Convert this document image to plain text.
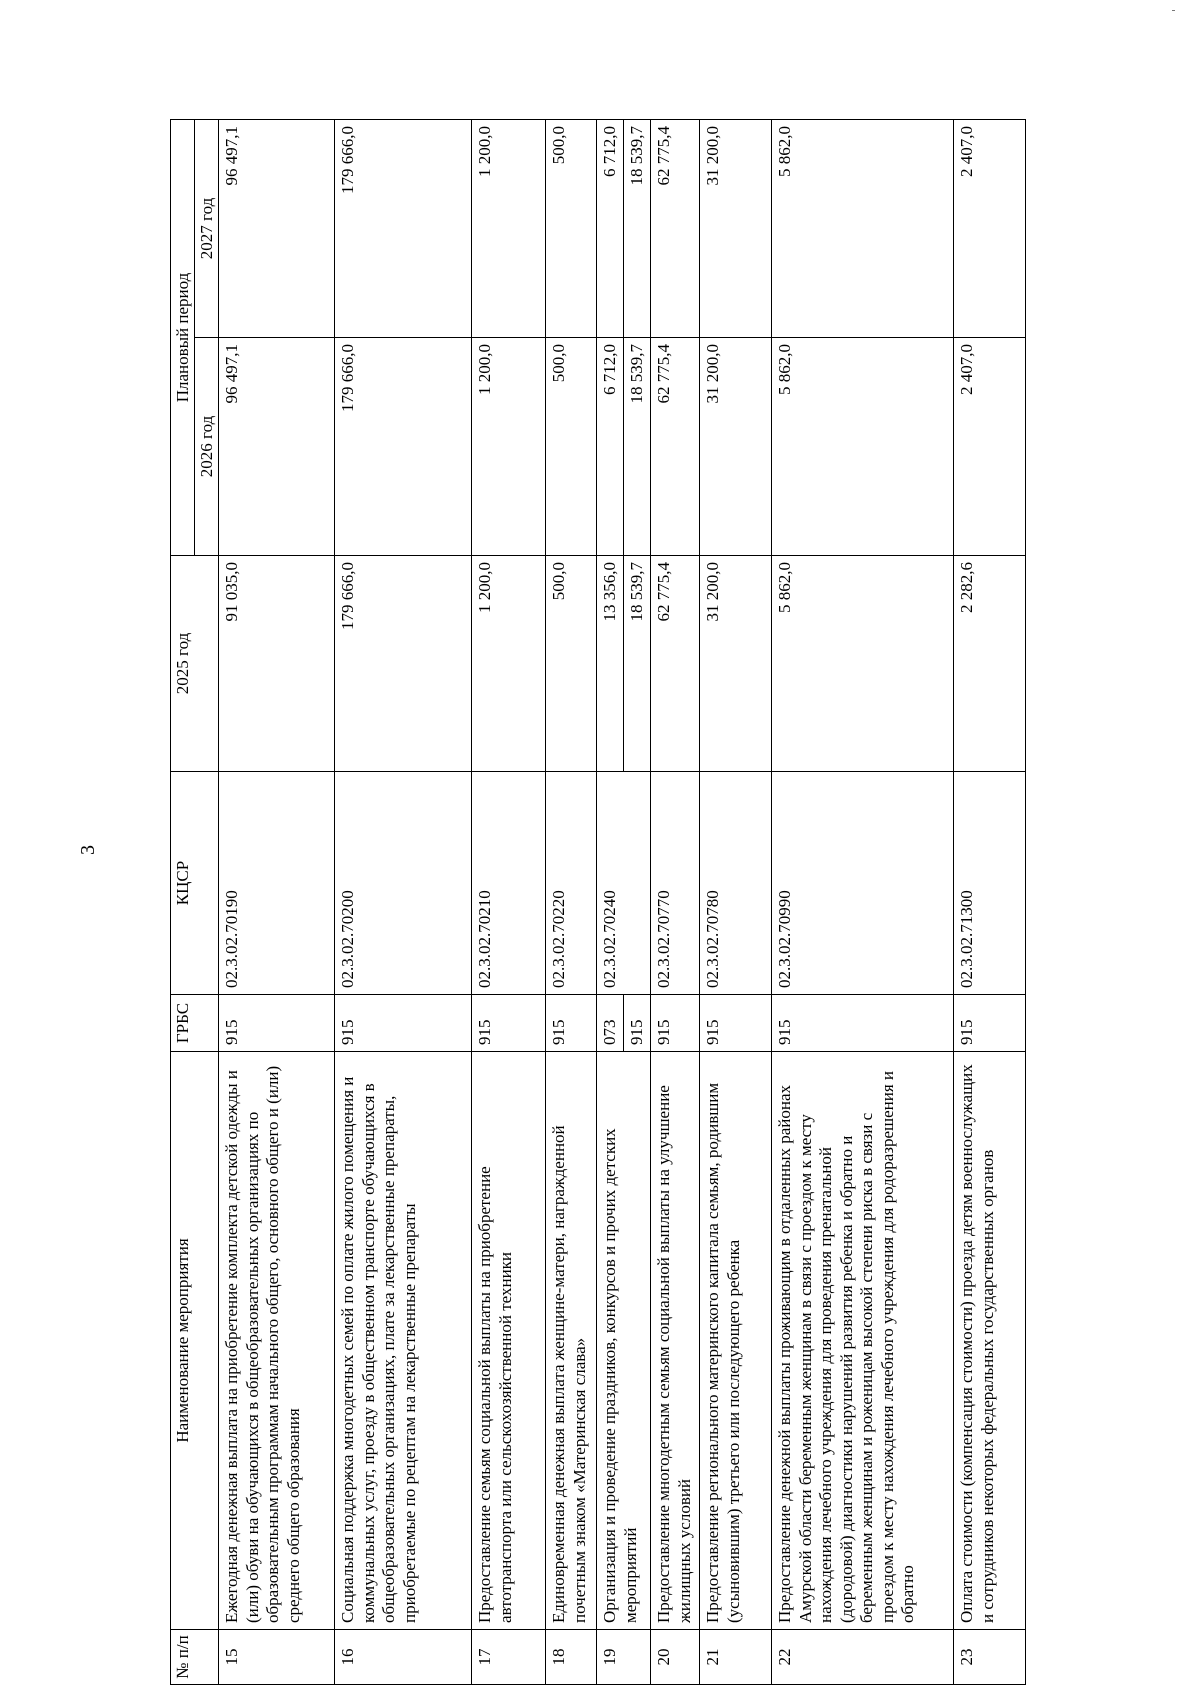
3
№ п/п	Наименование мероприятия	ГРБС	КЦСР	2025 год	Плановый период	
					2026 год	2027 год
15	Ежегодная денежная выплата на приобретение комплекта детской одежды и (или) обуви на обучающихся в общеобразовательных организациях по образовательным программам начального общего, основного общего и (или) среднего общего образования	915	02.3.02.70190	91 035,0	96 497,1	96 497,1
16	Социальная поддержка многодетных семей по оплате жилого помещения и коммунальных услуг, проезду в общественном транспорте обучающихся в общеобразовательных организациях, плате за лекарственные препараты, приобретаемые по рецептам на лекарственные препараты	915	02.3.02.70200	179 666,0	179 666,0	179 666,0
17	Предоставление семьям социальной выплаты на приобретение автотранспорта или сельскохозяйственной техники	915	02.3.02.70210	1 200,0	1 200,0	1 200,0
18	Единовременная денежная выплата женщине-матери, награжденной почетным знаком «Материнская слава»	915	02.3.02.70220	500,0	500,0	500,0
19	Организация и проведение праздников, конкурсов и прочих детских мероприятий	073	02.3.02.70240	13 356,0	6 712,0	6 712,0
		915		18 539,7	18 539,7	18 539,7
20	Предоставление многодетным семьям социальной выплаты на улучшение жилищных условий	915	02.3.02.70770	62 775,4	62 775,4	62 775,4
21	Предоставление регионального материнского капитала семьям, родившим (усыновившим) третьего или последующего ребенка	915	02.3.02.70780	31 200,0	31 200,0	31 200,0
22	Предоставление денежной выплаты проживающим в отдаленных районах Амурской области беременным женщинам в связи с проездом к месту нахождения лечебного учреждения для проведения пренатальной (дородовой) диагностики нарушений развития ребенка и обратно и беременным женщинам и роженицам высокой степени риска в связи с проездом к месту нахождения лечебного учреждения для родоразрешения и обратно	915	02.3.02.70990	5 862,0	5 862,0	5 862,0
23	Оплата стоимости (компенсация стоимости) проезда детям военнослужащих и сотрудников некоторых федеральных государственных органов	915	02.3.02.71300	2 282,6	2 407,0	2 407,0
